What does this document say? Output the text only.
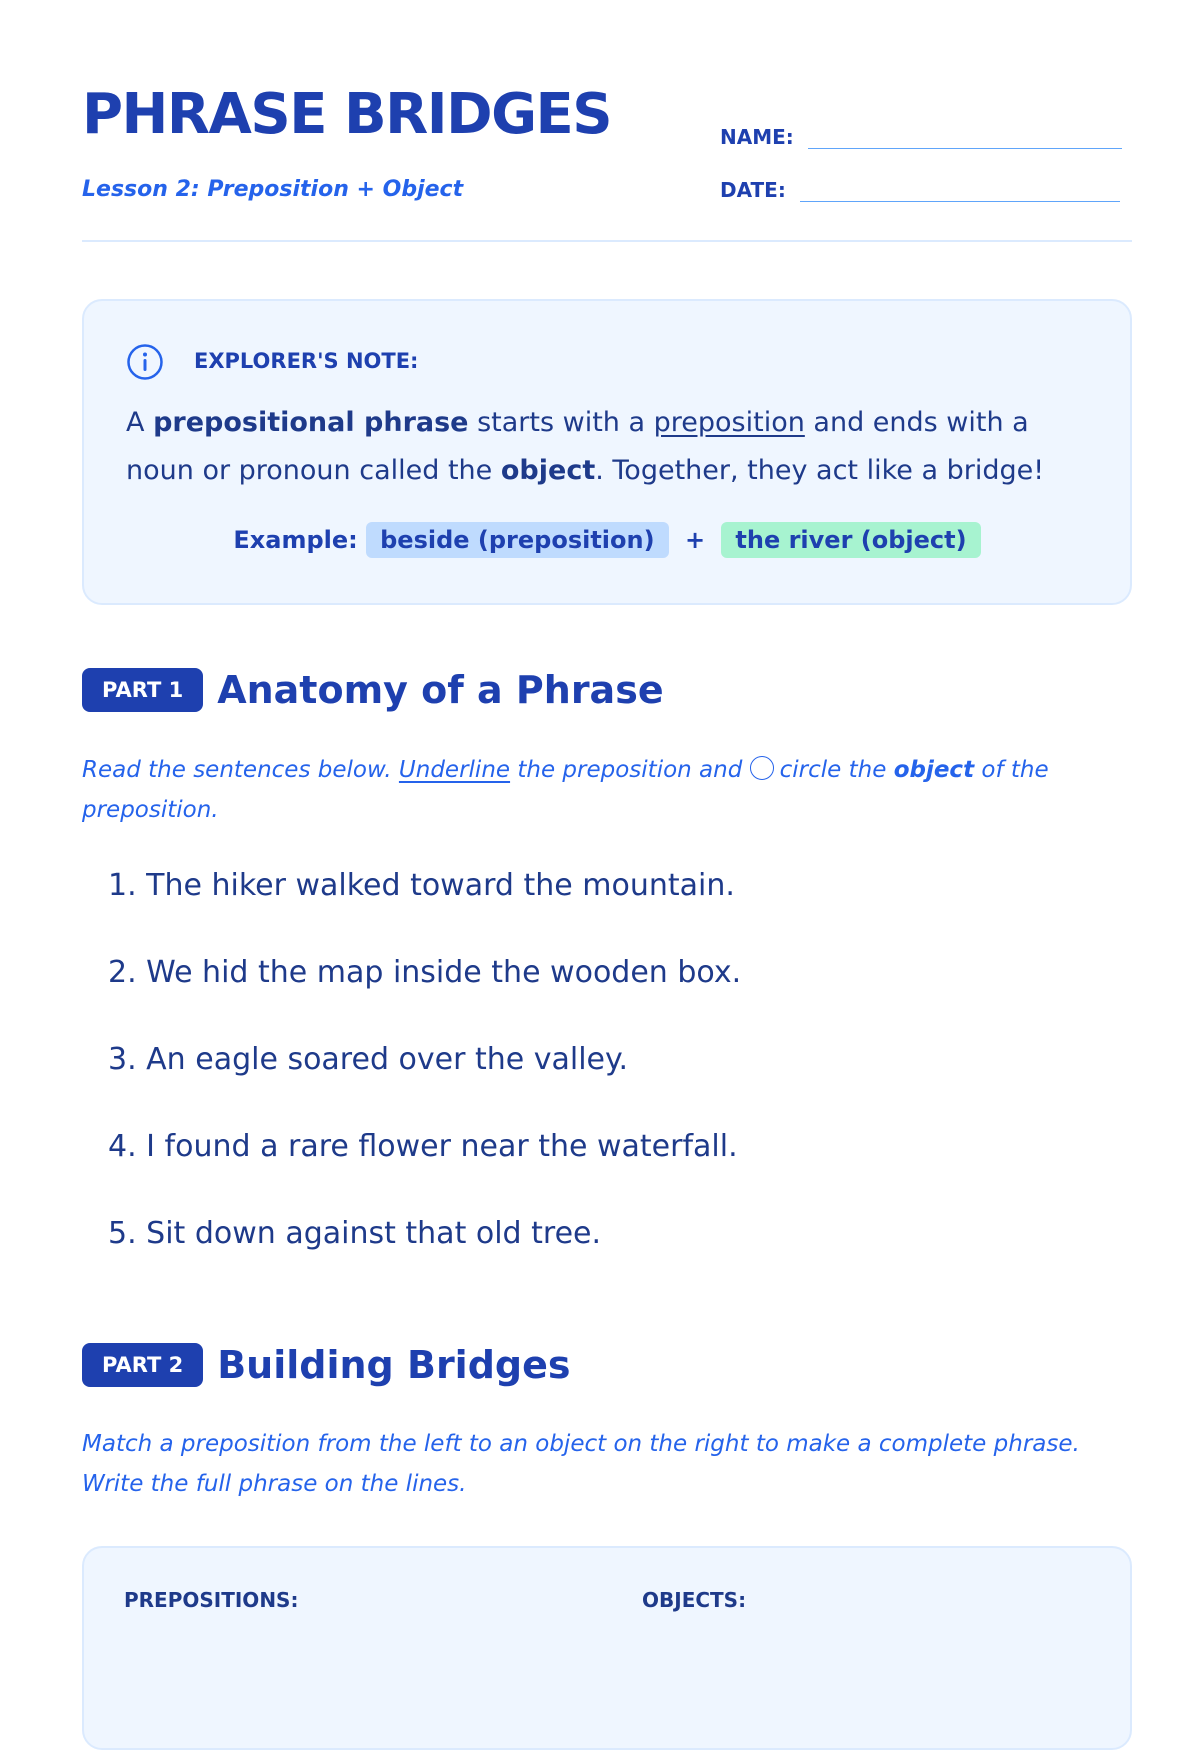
PHRASE BRIDGES

Lesson 2: Preposition + Object

NAME:
DATE:
EXPLORER'S NOTE:

A prepositional phrase starts with a preposition and ends with a noun or pronoun called the object. Together, they act like a bridge!

Example: beside (preposition) + the river (object)
PART 1 Anatomy of a Phrase

Read the sentences below. Underline the preposition and circle the object of the preposition.

1. The hiker walked toward the mountain.
2. We hid the map inside the wooden box.
3. An eagle soared over the valley.
4. I found a rare flower near the waterfall.
5. Sit down against that old tree.
PART 2 Building Bridges

Match a preposition from the left to an object on the right to make a complete phrase. Write the full phrase on the lines.

PREPOSITIONS:	OBJECTS:
